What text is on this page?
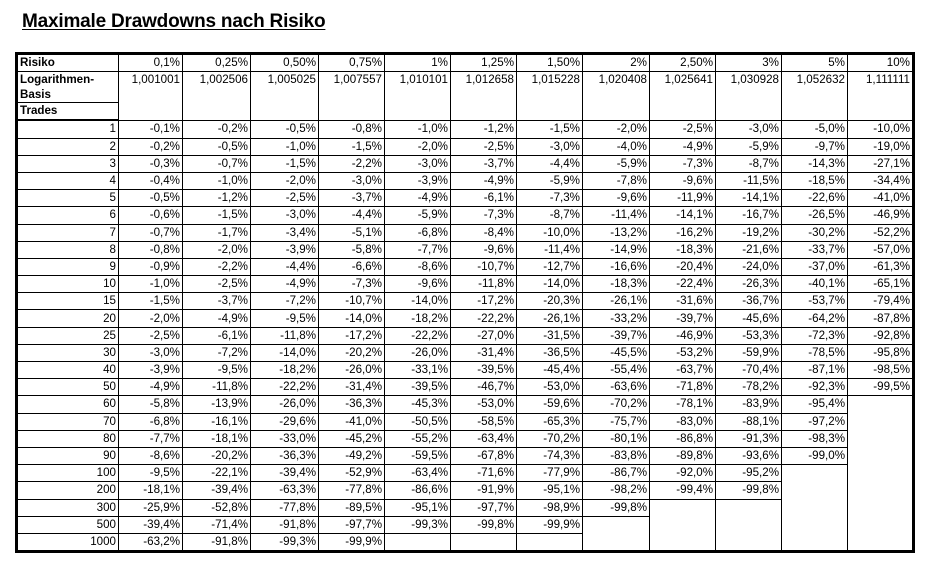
Maximale Drawdowns nach Risiko
Risiko	0,1%	0,25%	0,50%	0,75%	1%	1,25%	1,50%	2%	2,50%	3%	5%	10%
Logarithmen-
Basis	1,001001	1,002506	1,005025	1,007557	1,010101	1,012658	1,015228	1,020408	1,025641	1,030928	1,052632	1,111111
Trades												
1	-0,1%	-0,2%	-0,5%	-0,8%	-1,0%	-1,2%	-1,5%	-2,0%	-2,5%	-3,0%	-5,0%	-10,0%
2	-0,2%	-0,5%	-1,0%	-1,5%	-2,0%	-2,5%	-3,0%	-4,0%	-4,9%	-5,9%	-9,7%	-19,0%
3	-0,3%	-0,7%	-1,5%	-2,2%	-3,0%	-3,7%	-4,4%	-5,9%	-7,3%	-8,7%	-14,3%	-27,1%
4	-0,4%	-1,0%	-2,0%	-3,0%	-3,9%	-4,9%	-5,9%	-7,8%	-9,6%	-11,5%	-18,5%	-34,4%
5	-0,5%	-1,2%	-2,5%	-3,7%	-4,9%	-6,1%	-7,3%	-9,6%	-11,9%	-14,1%	-22,6%	-41,0%
6	-0,6%	-1,5%	-3,0%	-4,4%	-5,9%	-7,3%	-8,7%	-11,4%	-14,1%	-16,7%	-26,5%	-46,9%
7	-0,7%	-1,7%	-3,4%	-5,1%	-6,8%	-8,4%	-10,0%	-13,2%	-16,2%	-19,2%	-30,2%	-52,2%
8	-0,8%	-2,0%	-3,9%	-5,8%	-7,7%	-9,6%	-11,4%	-14,9%	-18,3%	-21,6%	-33,7%	-57,0%
9	-0,9%	-2,2%	-4,4%	-6,6%	-8,6%	-10,7%	-12,7%	-16,6%	-20,4%	-24,0%	-37,0%	-61,3%
10	-1,0%	-2,5%	-4,9%	-7,3%	-9,6%	-11,8%	-14,0%	-18,3%	-22,4%	-26,3%	-40,1%	-65,1%
15	-1,5%	-3,7%	-7,2%	-10,7%	-14,0%	-17,2%	-20,3%	-26,1%	-31,6%	-36,7%	-53,7%	-79,4%
20	-2,0%	-4,9%	-9,5%	-14,0%	-18,2%	-22,2%	-26,1%	-33,2%	-39,7%	-45,6%	-64,2%	-87,8%
25	-2,5%	-6,1%	-11,8%	-17,2%	-22,2%	-27,0%	-31,5%	-39,7%	-46,9%	-53,3%	-72,3%	-92,8%
30	-3,0%	-7,2%	-14,0%	-20,2%	-26,0%	-31,4%	-36,5%	-45,5%	-53,2%	-59,9%	-78,5%	-95,8%
40	-3,9%	-9,5%	-18,2%	-26,0%	-33,1%	-39,5%	-45,4%	-55,4%	-63,7%	-70,4%	-87,1%	-98,5%
50	-4,9%	-11,8%	-22,2%	-31,4%	-39,5%	-46,7%	-53,0%	-63,6%	-71,8%	-78,2%	-92,3%	-99,5%
60	-5,8%	-13,9%	-26,0%	-36,3%	-45,3%	-53,0%	-59,6%	-70,2%	-78,1%	-83,9%	-95,4%	
70	-6,8%	-16,1%	-29,6%	-41,0%	-50,5%	-58,5%	-65,3%	-75,7%	-83,0%	-88,1%	-97,2%	
80	-7,7%	-18,1%	-33,0%	-45,2%	-55,2%	-63,4%	-70,2%	-80,1%	-86,8%	-91,3%	-98,3%	
90	-8,6%	-20,2%	-36,3%	-49,2%	-59,5%	-67,8%	-74,3%	-83,8%	-89,8%	-93,6%	-99,0%	
100	-9,5%	-22,1%	-39,4%	-52,9%	-63,4%	-71,6%	-77,9%	-86,7%	-92,0%	-95,2%		
200	-18,1%	-39,4%	-63,3%	-77,8%	-86,6%	-91,9%	-95,1%	-98,2%	-99,4%	-99,8%		
300	-25,9%	-52,8%	-77,8%	-89,5%	-95,1%	-97,7%	-98,9%	-99,8%				
500	-39,4%	-71,4%	-91,8%	-97,7%	-99,3%	-99,8%	-99,9%					
1000	-63,2%	-91,8%	-99,3%	-99,9%								
